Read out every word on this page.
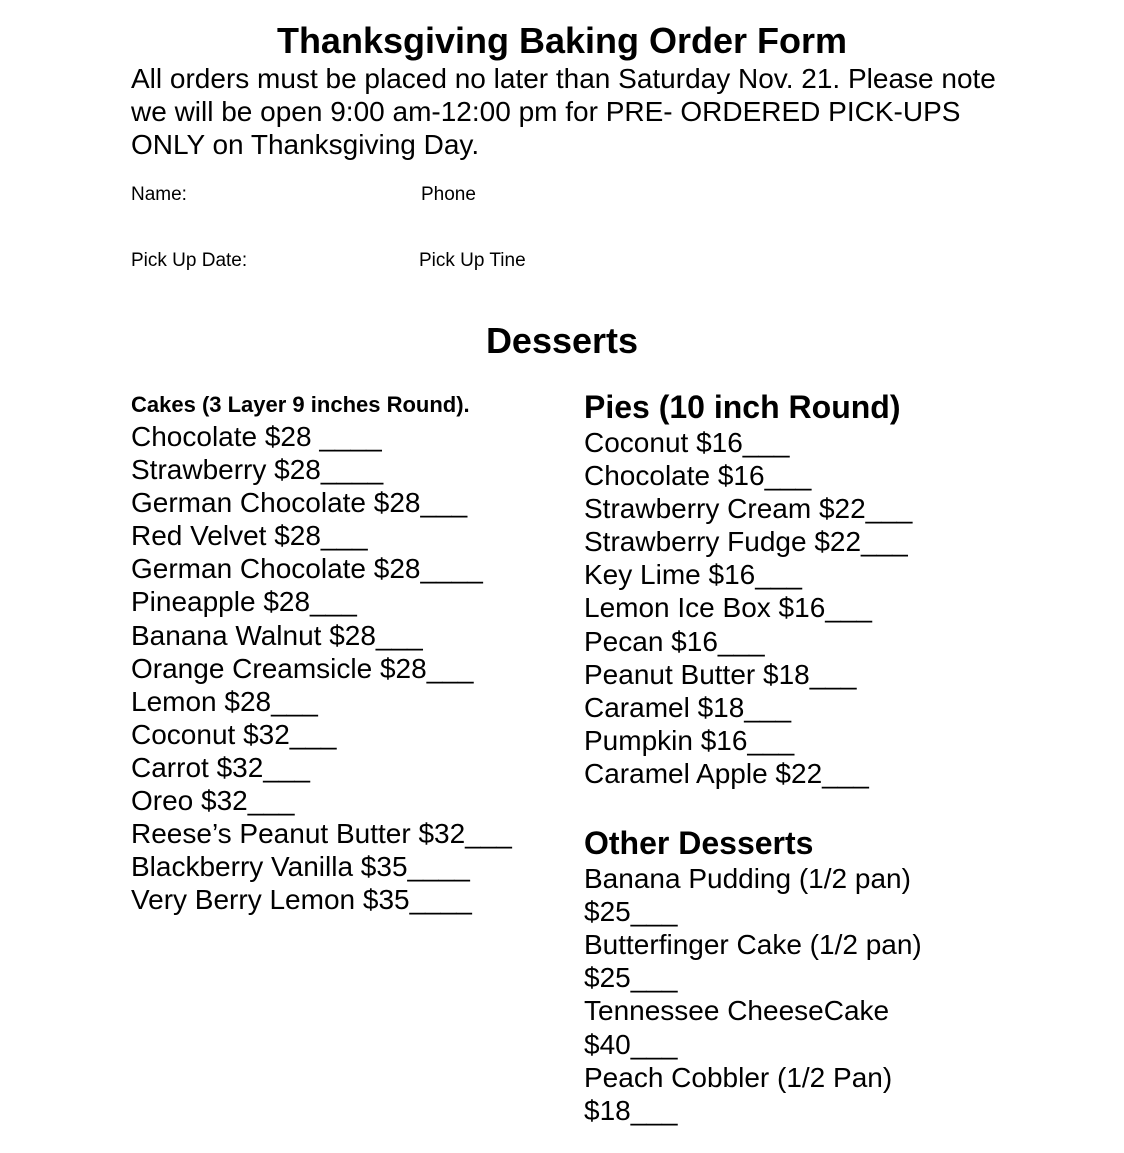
Thanksgiving Baking Order Form

All orders must be placed no later than Saturday Nov. 21. Please note we will be open 9:00 am-12:00 pm for PRE- ORDERED PICK-UPS ONLY on Thanksgiving Day.

Name:	Phone
Pick Up Date:	Pick Up Tine
Desserts
Cakes (3 Layer 9 inches Round).
Chocolate $28 ____
Strawberry $28____
German Chocolate $28___
Red Velvet $28___
German Chocolate $28____
Pineapple $28___
Banana Walnut $28___
Orange Creamsicle $28___
Lemon $28___
Coconut $32___
Carrot $32___
Oreo $32___
Reese’s Peanut Butter $32___
Blackberry Vanilla $35____
Very Berry Lemon $35____
Pies (10 inch Round)
Coconut $16___
Chocolate $16___
Strawberry Cream $22___
Strawberry Fudge $22___
Key Lime $16___
Lemon Ice Box $16___
Pecan $16___
Peanut Butter $18___
Caramel $18___
Pumpkin $16___
Caramel Apple $22___
Other Desserts
Banana Pudding (1/2 pan)
$25___
Butterfinger Cake (1/2 pan)
$25___
Tennessee CheeseCake
$40___
Peach Cobbler (1/2 Pan)
$18___
